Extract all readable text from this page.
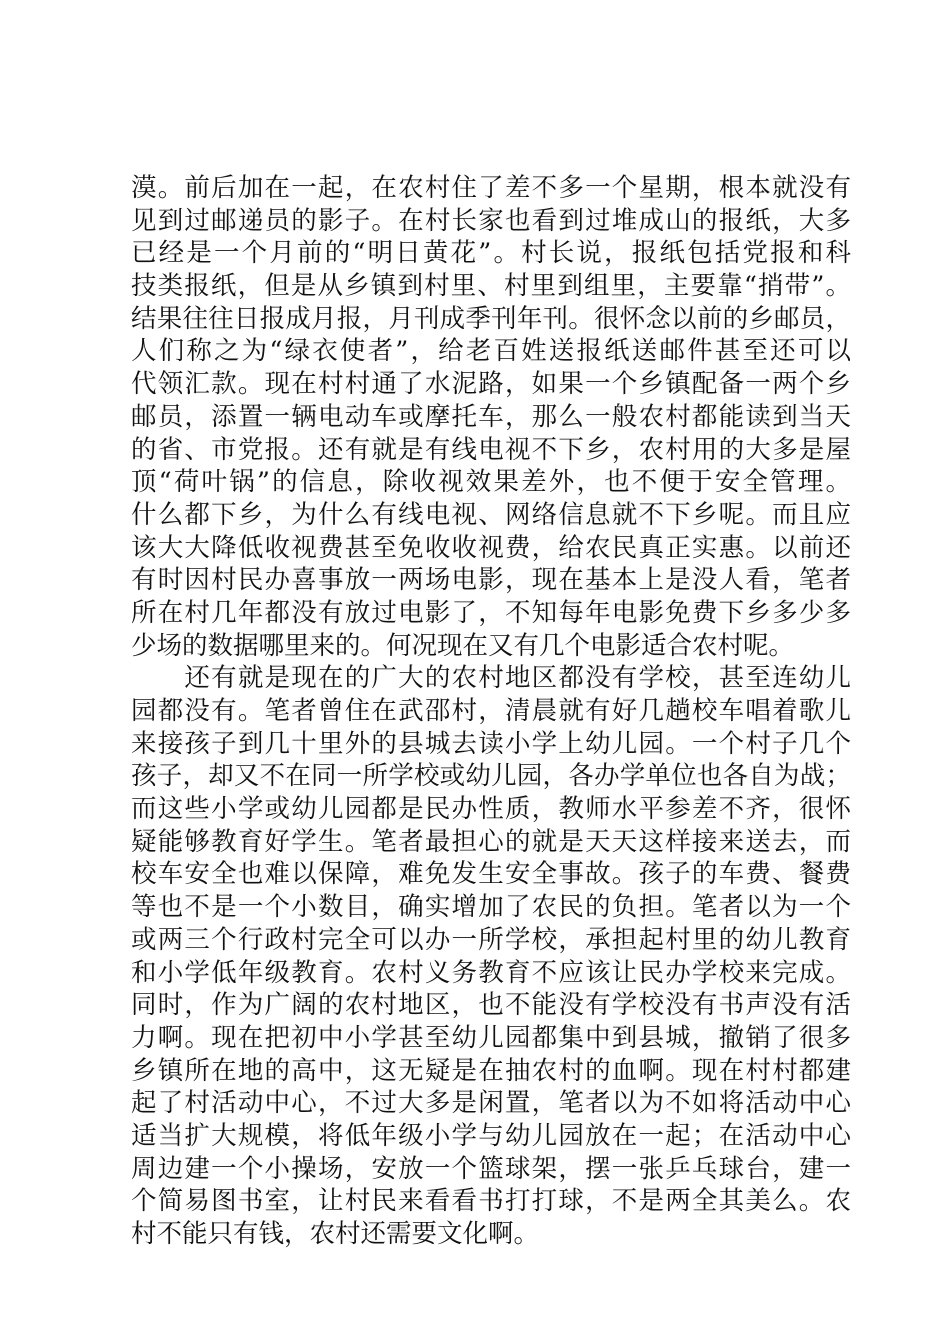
漠。前后加在一起，在农村住了差不多一个星期，根本就没有
见到过邮递员的影子。在村长家也看到过堆成山的报纸，大多
已经是一个月前的“明日黄花”。村长说，报纸包括党报和科
技类报纸，但是从乡镇到村里、村里到组里，主要靠“捎带”。
结果往往日报成月报，月刊成季刊年刊。很怀念以前的乡邮员，
人们称之为“绿衣使者”，给老百姓送报纸送邮件甚至还可以
代领汇款。现在村村通了水泥路，如果一个乡镇配备一两个乡
邮员，添置一辆电动车或摩托车，那么一般农村都能读到当天
的省、市党报。还有就是有线电视不下乡，农村用的大多是屋
顶“荷叶锅”的信息，除收视效果差外，也不便于安全管理。
什么都下乡，为什么有线电视、网络信息就不下乡呢。而且应
该大大降低收视费甚至免收收视费，给农民真正实惠。以前还
有时因村民办喜事放一两场电影，现在基本上是没人看，笔者
所在村几年都没有放过电影了，不知每年电影免费下乡多少多
少场的数据哪里来的。何况现在又有几个电影适合农村呢。
　　还有就是现在的广大的农村地区都没有学校，甚至连幼儿
园都没有。笔者曾住在武邵村，清晨就有好几趟校车唱着歌儿
来接孩子到几十里外的县城去读小学上幼儿园。一个村子几个
孩子，却又不在同一所学校或幼儿园，各办学单位也各自为战；
而这些小学或幼儿园都是民办性质，教师水平参差不齐，很怀
疑能够教育好学生。笔者最担心的就是天天这样接来送去，而
校车安全也难以保障，难免发生安全事故。孩子的车费、餐费
等也不是一个小数目，确实增加了农民的负担。笔者以为一个
或两三个行政村完全可以办一所学校，承担起村里的幼儿教育
和小学低年级教育。农村义务教育不应该让民办学校来完成。
同时，作为广阔的农村地区，也不能没有学校没有书声没有活
力啊。现在把初中小学甚至幼儿园都集中到县城，撤销了很多
乡镇所在地的高中，这无疑是在抽农村的血啊。现在村村都建
起了村活动中心，不过大多是闲置，笔者以为不如将活动中心
适当扩大规模，将低年级小学与幼儿园放在一起；在活动中心
周边建一个小操场，安放一个篮球架，摆一张乒乓球台，建一
个简易图书室，让村民来看看书打打球，不是两全其美么。农
村不能只有钱，农村还需要文化啊。
